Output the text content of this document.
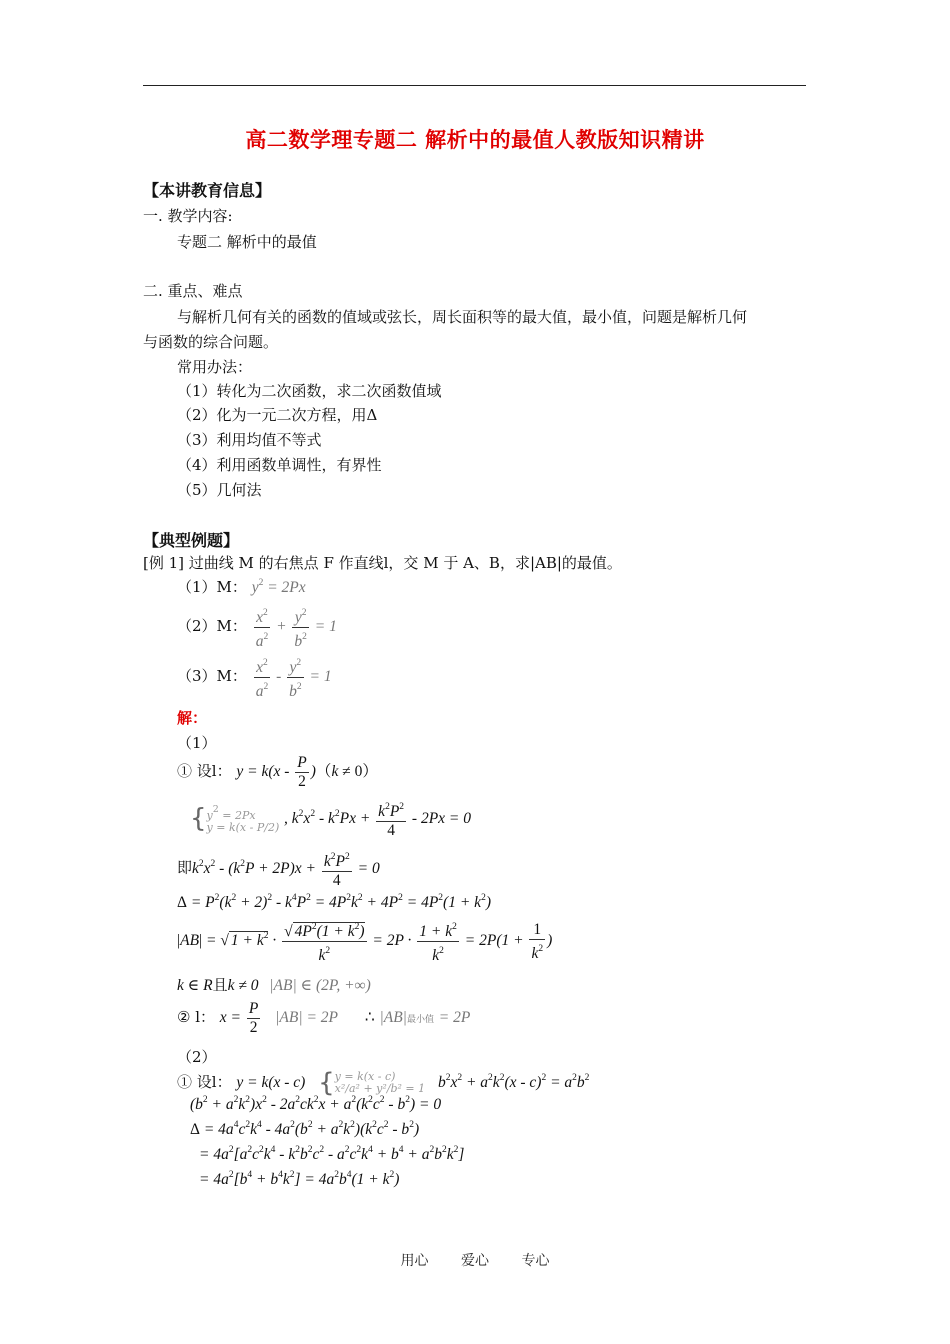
高二数学理专题二 解析中的最值人教版知识精讲
【本讲教育信息】
一. 教学内容:
专题二 解析中的最值
二. 重点、难点
与解析几何有关的函数的值域或弦长，周长面积等的最大值，最小值，问题是解析几何
与函数的综合问题。
常用办法：
（1）转化为二次函数，求二次函数值域
（2）化为一元二次方程，用Δ
（3）利用均值不等式
（4）利用函数单调性，有界性
（5）几何法
【典型例题】
[例 1] 过曲线 M 的右焦点 F 作直线l，交 M 于 A、B，求|AB|的最值。
（1）M： $y^2 = 2Px$
（2）M： $\frac{x^2}{a^2} + \frac{y^2}{b^2} = 1$
（3）M： $\frac{x^2}{a^2} - \frac{y^2}{b^2} = 1$
解：
（1）
① 设l： $y = k(x - \frac{P}{2} )(k \ne 0)$
{$y^2 = 2Px$
y = k(x - P/2) , $k^2x^2 - k^2Px + \frac{k^2P^2}{4} - 2Px = 0$
即$k^2x^2 - (k^2P + 2P)x + \frac{k^2P^2}{4} = 0$
$\Delta = P^2(k^2 + 2)^2 - k^4P^2 = 4P^2k^2 + 4P^2 = 4P^2(1 + k^2)$
|AB| = √ $1 + k^2 \cdot \frac{√ 4P^2(1 + k^2)}{k^2} = 2P \cdot \frac{1 + k^2}{k^2} = 2P(1 + \frac{1}{k^2}$ )
k ∈ R且k ≠ 0 |AB| ∈ (2P, +∞)
② l： $x = \frac{P}{2} |AB| = 2P$ ∴ |AB|最小值 = 2P
（2）
① 设l： y = k(x - c) {y = k(x - c)
x²/a² + y²/b² = 1 $b^2x^2 + a^2k^2(x - c)^2 = a^2b^2$
$(b^2 + a^2k^2)x^2 - 2a^2ck^2x + a^2(k^2c^2 - b^2) = 0$
$\Delta = 4a^4c^2k^4 - 4a^2(b^2 + a^2k^2)(k^2c^2 - b^2)$
= $4a^2[a^2c^2k^4 - k^2b^2c^2 - a^2c^2k^4 + b^4 + a^2b^2k^2]$
= $4a^2[b^4 + b^4k^2] = 4a^2b^4(1 + k^2)$
用心 爱心 专心
